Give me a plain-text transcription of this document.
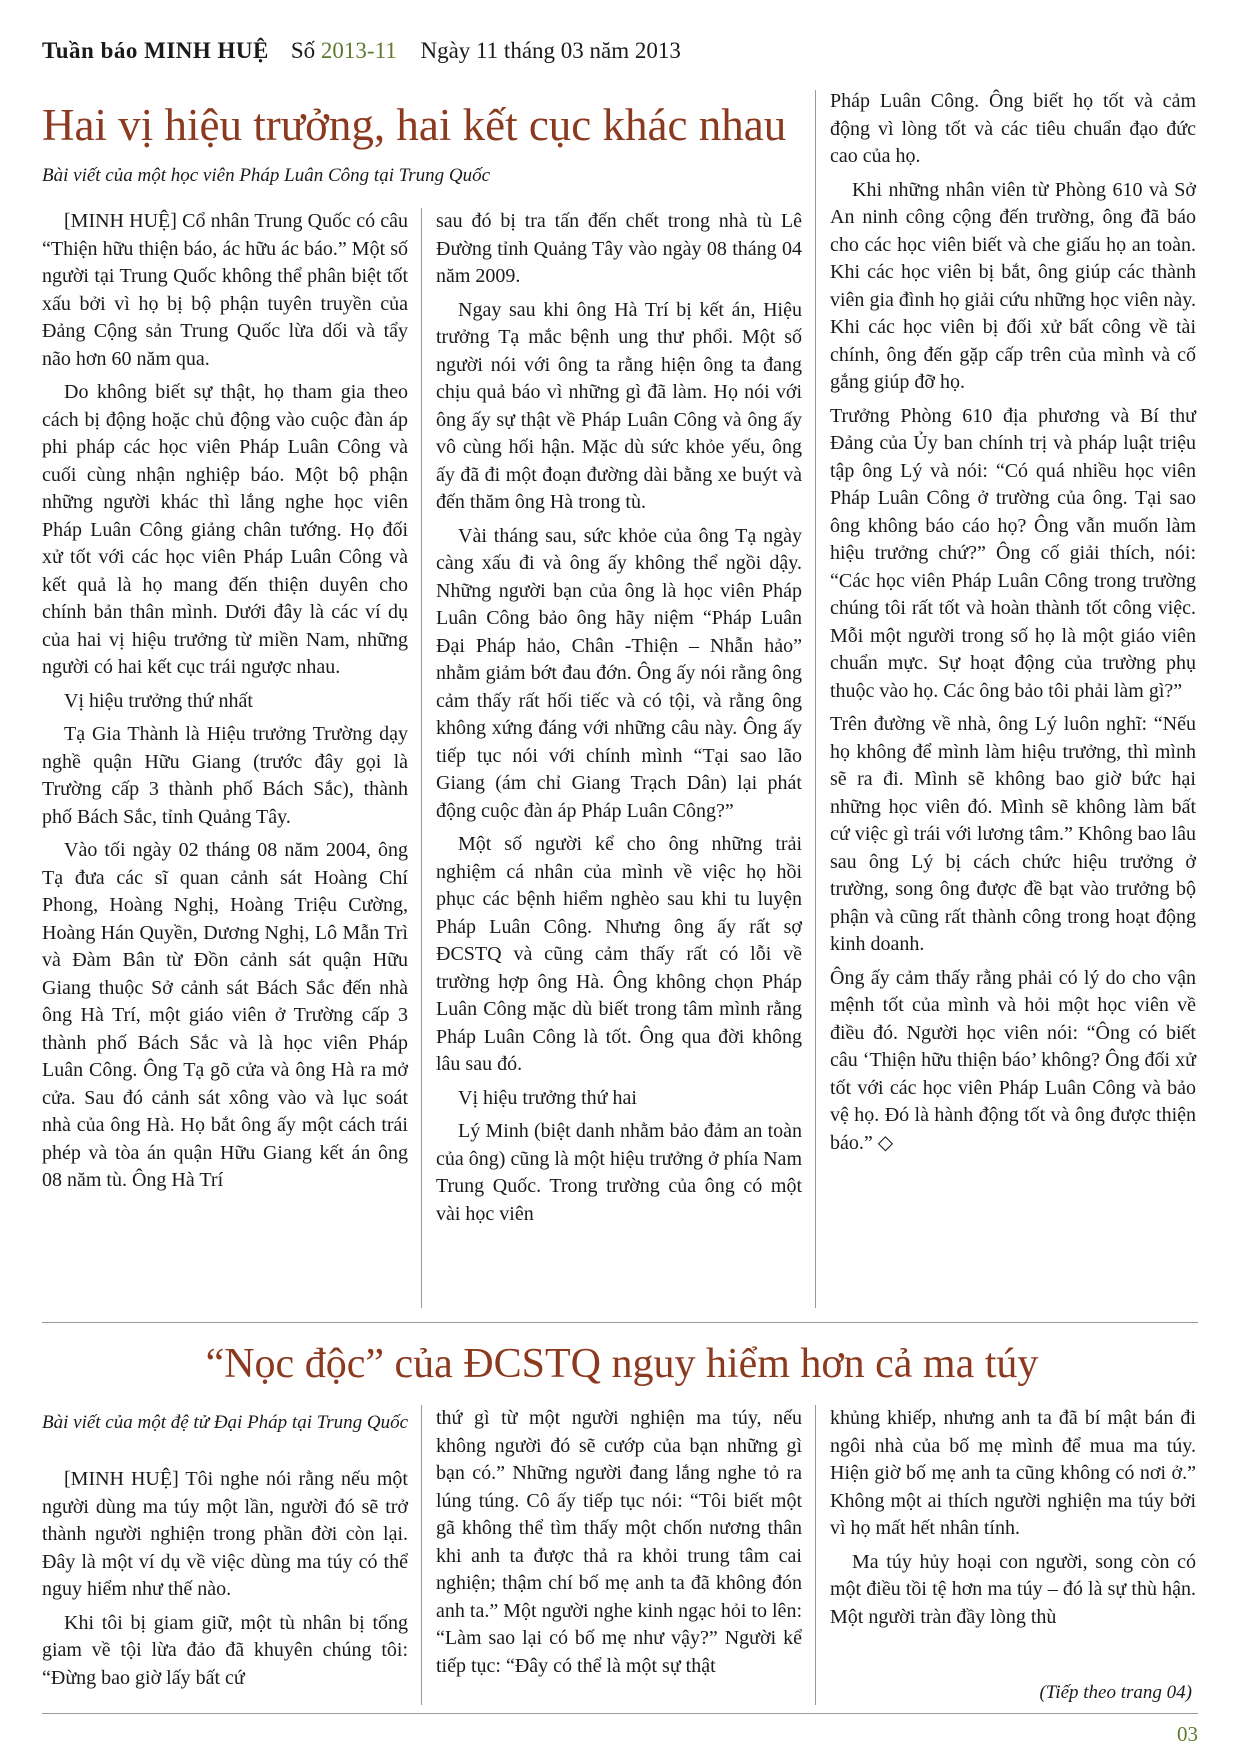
Tuần báo MINH HUỆ Số 2013-11 Ngày 11 tháng 03 năm 2013
Hai vị hiệu trưởng, hai kết cục khác nhau
Bài viết của một học viên Pháp Luân Công tại Trung Quốc

[MINH HUỆ] Cổ nhân Trung Quốc có câu “Thiện hữu thiện báo, ác hữu ác báo.” Một số người tại Trung Quốc không thể phân biệt tốt xấu bởi vì họ bị bộ phận tuyên truyền của Đảng Cộng sản Trung Quốc lừa dối và tẩy não hơn 60 năm qua.

Do không biết sự thật, họ tham gia theo cách bị động hoặc chủ động vào cuộc đàn áp phi pháp các học viên Pháp Luân Công và cuối cùng nhận nghiệp báo. Một bộ phận những người khác thì lắng nghe học viên Pháp Luân Công giảng chân tướng. Họ đối xử tốt với các học viên Pháp Luân Công và kết quả là họ mang đến thiện duyên cho chính bản thân mình. Dưới đây là các ví dụ của hai vị hiệu trưởng từ miền Nam, những người có hai kết cục trái ngược nhau.

Vị hiệu trưởng thứ nhất

Tạ Gia Thành là Hiệu trưởng Trường dạy nghề quận Hữu Giang (trước đây gọi là Trường cấp 3 thành phố Bách Sắc), thành phố Bách Sắc, tỉnh Quảng Tây.

Vào tối ngày 02 tháng 08 năm 2004, ông Tạ đưa các sĩ quan cảnh sát Hoàng Chí Phong, Hoàng Nghị, Hoàng Triệu Cường, Hoàng Hán Quyền, Dương Nghị, Lô Mẫn Trì và Đàm Bân từ Đồn cảnh sát quận Hữu Giang thuộc Sở cảnh sát Bách Sắc đến nhà ông Hà Trí, một giáo viên ở Trường cấp 3 thành phố Bách Sắc và là học viên Pháp Luân Công. Ông Tạ gõ cửa và ông Hà ra mở cửa. Sau đó cảnh sát xông vào và lục soát nhà của ông Hà. Họ bắt ông ấy một cách trái phép và tòa án quận Hữu Giang kết án ông 08 năm tù. Ông Hà Trí

sau đó bị tra tấn đến chết trong nhà tù Lê Đường tỉnh Quảng Tây vào ngày 08 tháng 04 năm 2009.

Ngay sau khi ông Hà Trí bị kết án, Hiệu trưởng Tạ mắc bệnh ung thư phổi. Một số người nói với ông ta rằng hiện ông ta đang chịu quả báo vì những gì đã làm. Họ nói với ông ấy sự thật về Pháp Luân Công và ông ấy vô cùng hối hận. Mặc dù sức khỏe yếu, ông ấy đã đi một đoạn đường dài bằng xe buýt và đến thăm ông Hà trong tù.

Vài tháng sau, sức khỏe của ông Tạ ngày càng xấu đi và ông ấy không thể ngồi dậy. Những người bạn của ông là học viên Pháp Luân Công bảo ông hãy niệm “Pháp Luân Đại Pháp hảo, Chân -Thiện – Nhẫn hảo” nhằm giảm bớt đau đớn. Ông ấy nói rằng ông cảm thấy rất hối tiếc và có tội, và rằng ông không xứng đáng với những câu này. Ông ấy tiếp tục nói với chính mình “Tại sao lão Giang (ám chỉ Giang Trạch Dân) lại phát động cuộc đàn áp Pháp Luân Công?”

Một số người kể cho ông những trải nghiệm cá nhân của mình về việc họ hồi phục các bệnh hiểm nghèo sau khi tu luyện Pháp Luân Công. Nhưng ông ấy rất sợ ĐCSTQ và cũng cảm thấy rất có lỗi về trường hợp ông Hà. Ông không chọn Pháp Luân Công mặc dù biết trong tâm mình rằng Pháp Luân Công là tốt. Ông qua đời không lâu sau đó.

Vị hiệu trưởng thứ hai

Lý Minh (biệt danh nhằm bảo đảm an toàn của ông) cũng là một hiệu trưởng ở phía Nam Trung Quốc. Trong trường của ông có một vài học viên

Pháp Luân Công. Ông biết họ tốt và cảm động vì lòng tốt và các tiêu chuẩn đạo đức cao của họ.

Khi những nhân viên từ Phòng 610 và Sở An ninh công cộng đến trường, ông đã báo cho các học viên biết và che giấu họ an toàn. Khi các học viên bị bắt, ông giúp các thành viên gia đình họ giải cứu những học viên này. Khi các học viên bị đối xử bất công về tài chính, ông đến gặp cấp trên của mình và cố gắng giúp đỡ họ.

Trưởng Phòng 610 địa phương và Bí thư Đảng của Ủy ban chính trị và pháp luật triệu tập ông Lý và nói: “Có quá nhiều học viên Pháp Luân Công ở trường của ông. Tại sao ông không báo cáo họ? Ông vẫn muốn làm hiệu trưởng chứ?” Ông cố giải thích, nói: “Các học viên Pháp Luân Công trong trường chúng tôi rất tốt và hoàn thành tốt công việc. Mỗi một người trong số họ là một giáo viên chuẩn mực. Sự hoạt động của trường phụ thuộc vào họ. Các ông bảo tôi phải làm gì?”

Trên đường về nhà, ông Lý luôn nghĩ: “Nếu họ không để mình làm hiệu trưởng, thì mình sẽ ra đi. Mình sẽ không bao giờ bức hại những học viên đó. Mình sẽ không làm bất cứ việc gì trái với lương tâm.” Không bao lâu sau ông Lý bị cách chức hiệu trưởng ở trường, song ông được đề bạt vào trưởng bộ phận và cũng rất thành công trong hoạt động kinh doanh.

Ông ấy cảm thấy rằng phải có lý do cho vận mệnh tốt của mình và hỏi một học viên về điều đó. Người học viên nói: “Ông có biết câu ‘Thiện hữu thiện báo’ không? Ông đối xử tốt với các học viên Pháp Luân Công và bảo vệ họ. Đó là hành động tốt và ông được thiện báo.” ◇

“Nọc độc” của ĐCSTQ nguy hiểm hơn cả ma túy
Bài viết của một đệ tử Đại Pháp tại Trung Quốc

[MINH HUỆ] Tôi nghe nói rằng nếu một người dùng ma túy một lần, người đó sẽ trở thành người nghiện trong phần đời còn lại. Đây là một ví dụ về việc dùng ma túy có thể nguy hiểm như thế nào.

Khi tôi bị giam giữ, một tù nhân bị tống giam về tội lừa đảo đã khuyên chúng tôi: “Đừng bao giờ lấy bất cứ

thứ gì từ một người nghiện ma túy, nếu không người đó sẽ cướp của bạn những gì bạn có.” Những người đang lắng nghe tỏ ra lúng túng. Cô ấy tiếp tục nói: “Tôi biết một gã không thể tìm thấy một chốn nương thân khi anh ta được thả ra khỏi trung tâm cai nghiện; thậm chí bố mẹ anh ta đã không đón anh ta.” Một người nghe kinh ngạc hỏi to lên: “Làm sao lại có bố mẹ như vậy?” Người kể tiếp tục: “Đây có thể là một sự thật

khủng khiếp, nhưng anh ta đã bí mật bán đi ngôi nhà của bố mẹ mình để mua ma túy. Hiện giờ bố mẹ anh ta cũng không có nơi ở.” Không một ai thích người nghiện ma túy bởi vì họ mất hết nhân tính.

Ma túy hủy hoại con người, song còn có một điều tồi tệ hơn ma túy – đó là sự thù hận. Một người tràn đầy lòng thù

(Tiếp theo trang 04)
03
